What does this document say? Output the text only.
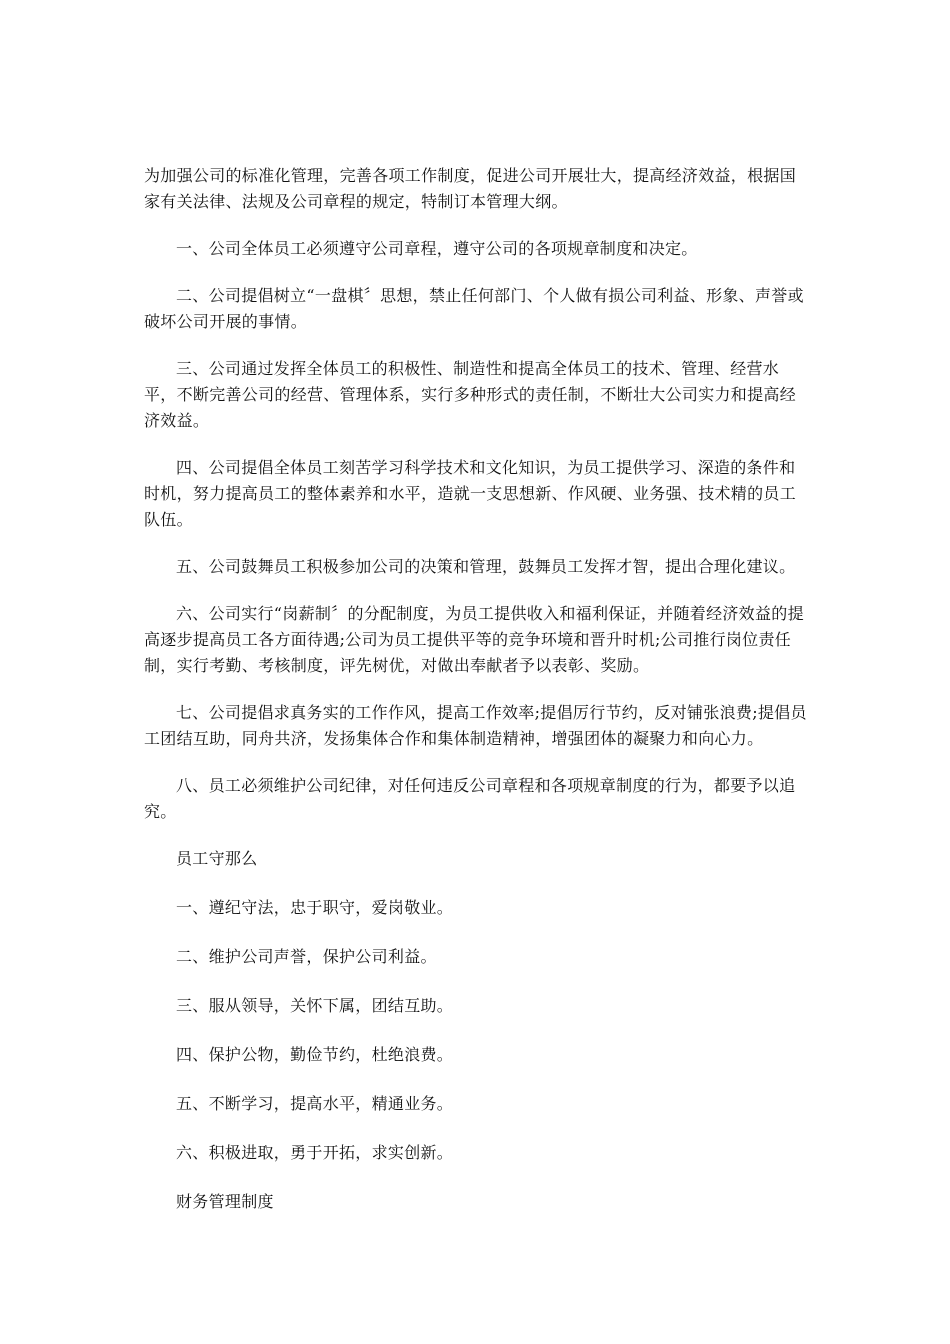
为加强公司的标准化管理，完善各项工作制度，促进公司开展壮大，提高经济效益，根据国家有关法律、法规及公司章程的规定，特制订本管理大纲。

一、公司全体员工必须遵守公司章程，遵守公司的各项规章制度和决定。

二、公司提倡树立“一盘棋〞思想，禁止任何部门、个人做有损公司利益、形象、声誉或破坏公司开展的事情。

三、公司通过发挥全体员工的积极性、制造性和提高全体员工的技术、管理、经营水平，不断完善公司的经营、管理体系，实行多种形式的责任制，不断壮大公司实力和提高经济效益。

四、公司提倡全体员工刻苦学习科学技术和文化知识，为员工提供学习、深造的条件和时机，努力提高员工的整体素养和水平，造就一支思想新、作风硬、业务强、技术精的员工队伍。

五、公司鼓舞员工积极参加公司的决策和管理，鼓舞员工发挥才智，提出合理化建议。

六、公司实行“岗薪制〞的分配制度，为员工提供收入和福利保证，并随着经济效益的提高逐步提高员工各方面待遇;公司为员工提供平等的竞争环境和晋升时机;公司推行岗位责任制，实行考勤、考核制度，评先树优，对做出奉献者予以表彰、奖励。

七、公司提倡求真务实的工作作风，提高工作效率;提倡厉行节约，反对铺张浪费;提倡员工团结互助，同舟共济，发扬集体合作和集体制造精神，增强团体的凝聚力和向心力。

八、员工必须维护公司纪律，对任何违反公司章程和各项规章制度的行为，都要予以追究。

员工守那么

一、遵纪守法，忠于职守，爱岗敬业。

二、维护公司声誉，保护公司利益。

三、服从领导，关怀下属，团结互助。

四、保护公物，勤俭节约，杜绝浪费。

五、不断学习，提高水平，精通业务。

六、积极进取，勇于开拓，求实创新。

财务管理制度
